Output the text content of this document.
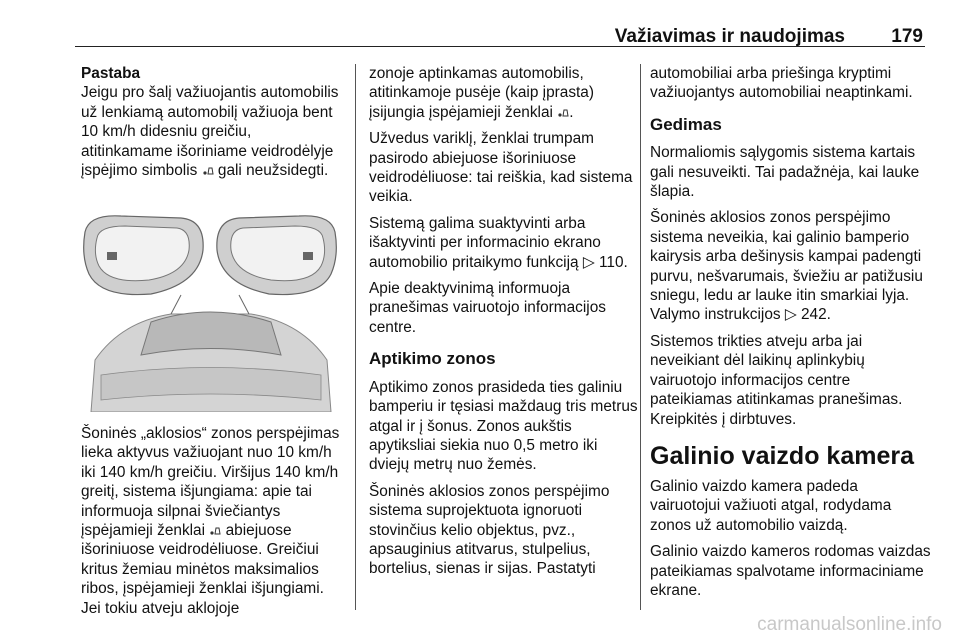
Važiavimas ir naudojimas 179
Pastaba

Jeigu pro šalį važiuojantis automobilis už lenkiamą automobilį važiuoja bent 10 km/h didesniu greičiu, atitinkamame išoriniame veidrodėlyje įspėjimo simbolis gali neužsidegti.

Šoninės „aklosios“ zonos perspėjimas lieka aktyvus važiuojant nuo 10 km/h iki 140 km/h greičiu. Viršijus 140 km/h greitį, sistema išjungiama: apie tai informuoja silpnai šviečiantys įspėjamieji ženklai abiejuose išoriniuose veidrodėliuose. Greičiui kritus žemiau minėtos maksimalios ribos, įspėjamieji ženklai išjungiami. Jei tokiu atveju aklojoje

zonoje aptinkamas automobilis, atitinkamoje pusėje (kaip įprasta) įsijungia įspėjamieji ženklai .

Užvedus variklį, ženklai trumpam pasirodo abiejuose išoriniuose veidrodėliuose: tai reiškia, kad sistema veikia.

Sistemą galima suaktyvinti arba išaktyvinti per informacinio ekrano automobilio pritaikymo funkciją ▷ 110.

Apie deaktyvinimą informuoja pranešimas vairuotojo informacijos centre.

Aptikimo zonos

Aptikimo zonos prasideda ties galiniu bamperiu ir tęsiasi maždaug tris metrus atgal ir į šonus. Zonos aukštis apytiksliai siekia nuo 0,5 metro iki dviejų metrų nuo žemės.

Šoninės aklosios zonos perspėjimo sistema suprojektuota ignoruoti stovinčius kelio objektus, pvz., apsauginius atitvarus, stulpelius, bortelius, sienas ir sijas. Pastatyti

automobiliai arba priešinga kryptimi važiuojantys automobiliai neaptinkami.

Gedimas

Normaliomis sąlygomis sistema kartais gali nesuveikti. Tai padažnėja, kai lauke šlapia.

Šoninės aklosios zonos perspėjimo sistema neveikia, kai galinio bamperio kairysis arba dešinysis kampai padengti purvu, nešvarumais, šviežiu ar patižusiu sniegu, ledu ar lauke itin smarkiai lyja. Valymo instrukcijos ▷ 242.

Sistemos trikties atveju arba jai neveikiant dėl laikinų aplinkybių vairuotojo informacijos centre pateikiamas atitinkamas pranešimas. Kreipkitės į dirbtuves.

Galinio vaizdo kamera

Galinio vaizdo kamera padeda vairuotojui važiuoti atgal, rodydama zonos už automobilio vaizdą.

Galinio vaizdo kameros rodomas vaizdas pateikiamas spalvotame informaciniame ekrane.

carmanualsonline.info
